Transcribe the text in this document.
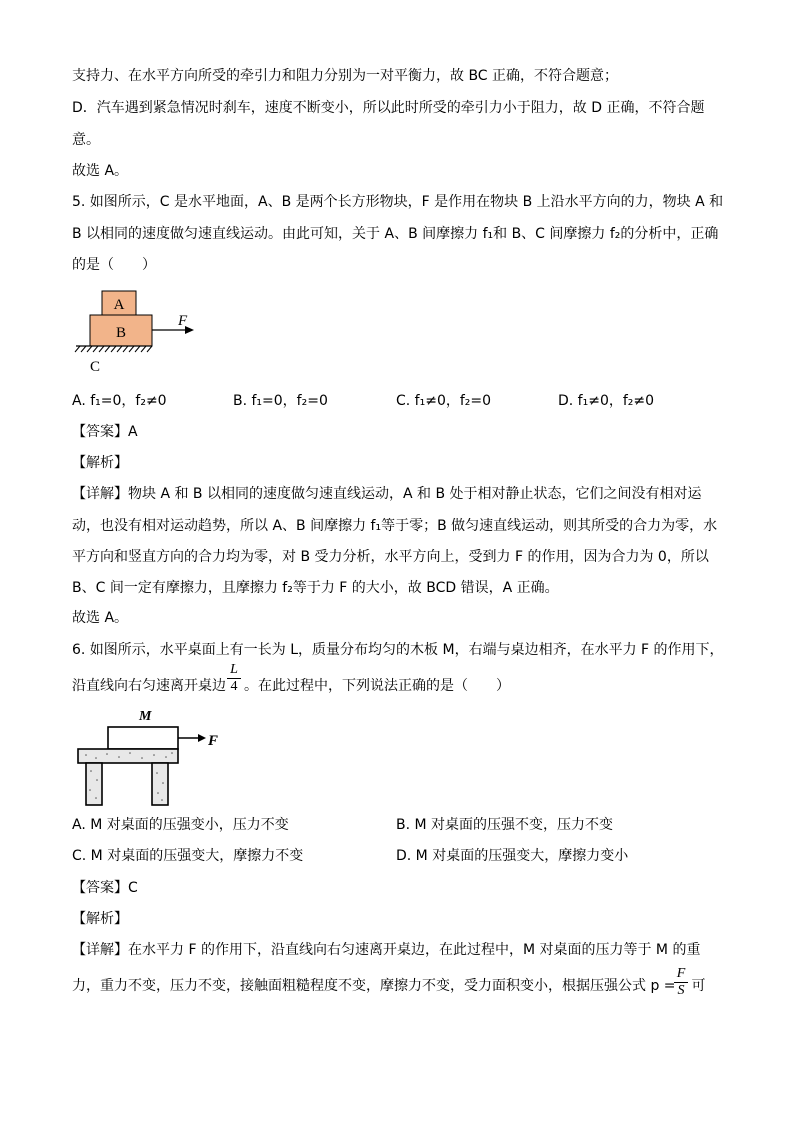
支持力、在水平方向所受的牵引力和阻力分别为一对平衡力，故 BC 正确，不符合题意；
D．汽车遇到紧急情况时刹车，速度不断变小，所以此时所受的牵引力小于阻力，故 D 正确，不符合题
意。
故选 A。
5. 如图所示，C 是水平地面，A、B 是两个长方形物块，F 是作用在物块 B 上沿水平方向的力，物块 A 和
B 以相同的速度做匀速直线运动。由此可知，关于 A、B 间摩擦力 f₁和 B、C 间摩擦力 f₂的分析中，正确
的是（　　）
A
B
F
C
A. f₁=0，f₂≠0	B. f₁=0，f₂=0	C. f₁≠0，f₂=0	D. f₁≠0，f₂≠0
【答案】A
【解析】
【详解】物块 A 和 B 以相同的速度做匀速直线运动，A 和 B 处于相对静止状态，它们之间没有相对运
动，也没有相对运动趋势，所以 A、B 间摩擦力 f₁等于零；B 做匀速直线运动，则其所受的合力为零，水
平方向和竖直方向的合力均为零，对 B 受力分析，水平方向上，受到力 F 的作用，因为合力为 0，所以
B、C 间一定有摩擦力，且摩擦力 f₂等于力 F 的大小，故 BCD 错误，A 正确。
故选 A。
6. 如图所示，水平桌面上有一长为 L，质量分布均匀的木板 M，右端与桌边相齐，在水平力 F 的作用下，
沿直线向右匀速离开桌边 。在此过程中，下列说法正确的是（　　）
$\frac{L}{4}$
M
F
A. M 对桌面的压强变小，压力不变	B. M 对桌面的压强不变，压力不变
C. M 对桌面的压强变大，摩擦力不变	D. M 对桌面的压强变大，摩擦力变小
【答案】C
【解析】
【详解】在水平力 F 的作用下，沿直线向右匀速离开桌边，在此过程中，M 对桌面的压力等于 M 的重
力，重力不变，压力不变，接触面粗糙程度不变，摩擦力不变，受力面积变小，根据压强公式 p = 可
$\frac{F}{S}$
